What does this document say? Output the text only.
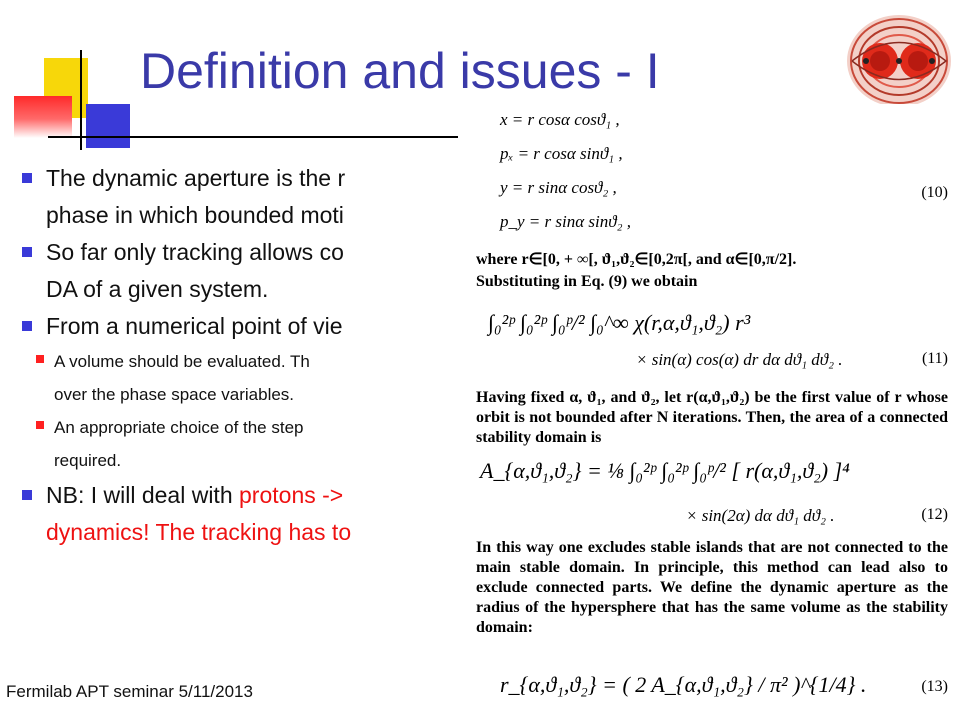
Definition and issues - I
The dynamic aperture is the r
phase in which bounded moti
So far only tracking allows co
DA of a given system.
From a numerical point of vie
A volume should be evaluated. Th
over the phase space variables.
An appropriate choice of the step
required.
NB: I will deal with protons ->
dynamics! The tracking has to
x = r cosα cosϑ₁ ,
pₓ = r cosα sinϑ₁ ,
y = r sinα cosϑ₂ ,	(10)
p_y = r sinα sinϑ₂ ,
where r∈[0, + ∞[, ϑ₁,ϑ₂∈[0,2π[, and α∈[0,π/2].
Substituting in Eq. (9) we obtain
∫₀²ᵖ ∫₀²ᵖ ∫₀ᵖ/² ∫₀^∞ χ(r,α,ϑ₁,ϑ₂) r³
× sin(α) cos(α) dr dα dϑ₁ dϑ₂ .	(11)
Having fixed α, ϑ₁, and ϑ₂, let r(α,ϑ₁,ϑ₂) be the first value of r whose orbit is not bounded after N iterations. Then, the area of a connected stability domain is
A_{α,ϑ₁,ϑ₂} = ⅛ ∫₀²ᵖ ∫₀²ᵖ ∫₀ᵖ/² [ r(α,ϑ₁,ϑ₂) ]⁴
× sin(2α) dα dϑ₁ dϑ₂ .	(12)
In this way one excludes stable islands that are not connected to the main stable domain. In principle, this method can lead also to exclude connected parts. We define the dynamic aperture as the radius of the hypersphere that has the same volume as the stability domain:
r_{α,ϑ₁,ϑ₂} = ( 2 A_{α,ϑ₁,ϑ₂} / π² )^{1/4} .	(13)
Fermilab APT seminar 5/11/2013
